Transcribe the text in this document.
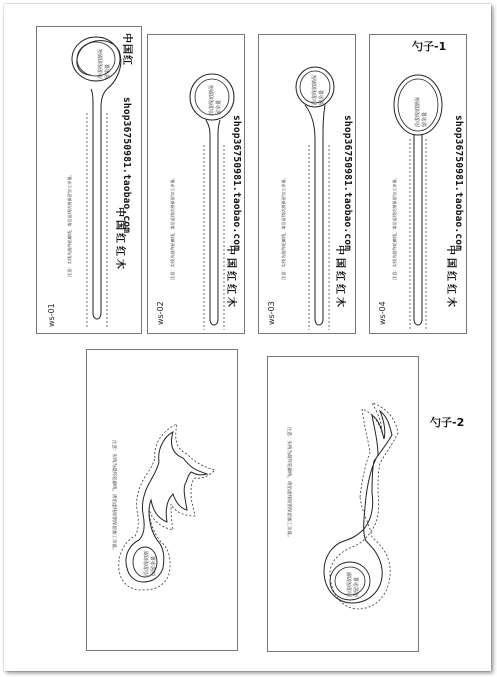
ws-01
注意：实线为最终轮廓线，请沿虚线切割保留加工余量。	中国红红木
shop36750981.taobao.com
中国红
沿虚线切割保留余量
ws-02
注意：实线为最终轮廓线，请沿虚线切割保留加工余量。	中国红红木
shop36750981.taobao.com
沿虚线切割保留余量
ws-03
注意：实线为最终轮廓线，请沿虚线切割保留加工余量。	中国红红木
shop36750981.taobao.com
沿虚线切割保留余量
ws-04
注意：实线为最终轮廓线，请沿虚线切割保留加工余量。	中国红红木
shop36750981.taobao.com
沿虚线切割保留余量
勺子-1
注意：实线为最终轮廓线，请沿虚线切割保留加工余量。
沿虚线切割保留余量
注意：实线为最终轮廓线，请沿虚线切割保留加工余量。
沿虚线切割保留余量
勺子-2
